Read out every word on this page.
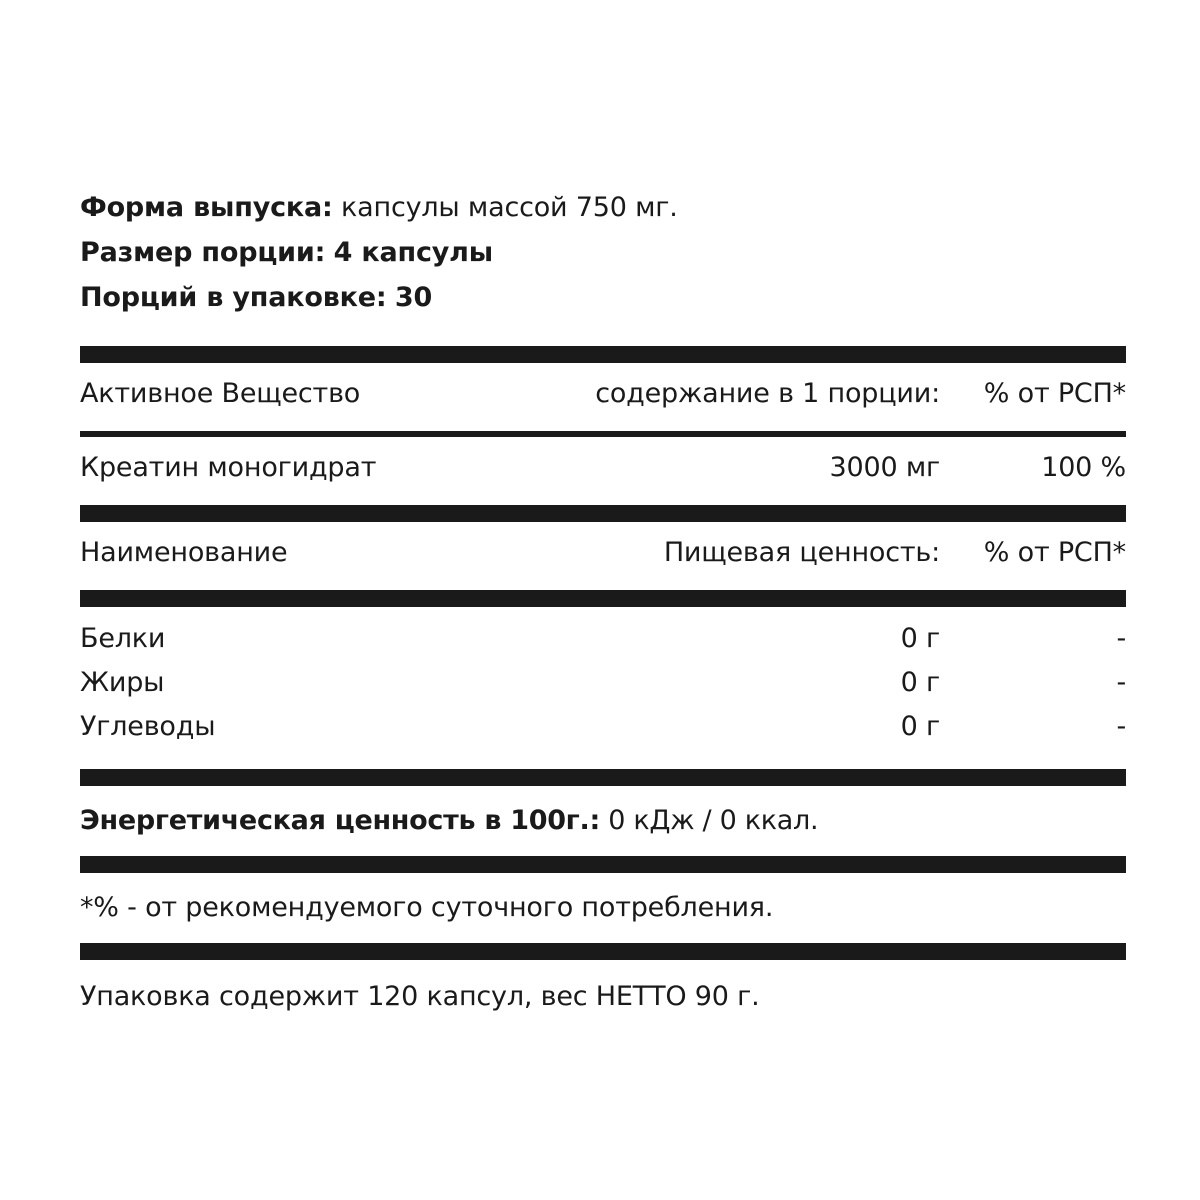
Форма выпуска: капсулы массой 750 мг.
Размер порции: 4 капсулы
Порций в упаковке: 30

Активное Вещество	содержание в 1 порции:	% от РСП*

Креатин моногидрат	3000 мг	100 %

Наименование	Пищевая ценность:	% от РСП*

Белки	0 г	-
Жиры	0 г	-
Углеводы	0 г	-

Энергетическая ценность в 100г.: 0 кДж / 0 ккал.		

*% - от рекомендуемого суточного потребления.		

Упаковка содержит 120 капсул, вес НЕТТО 90 г.		
